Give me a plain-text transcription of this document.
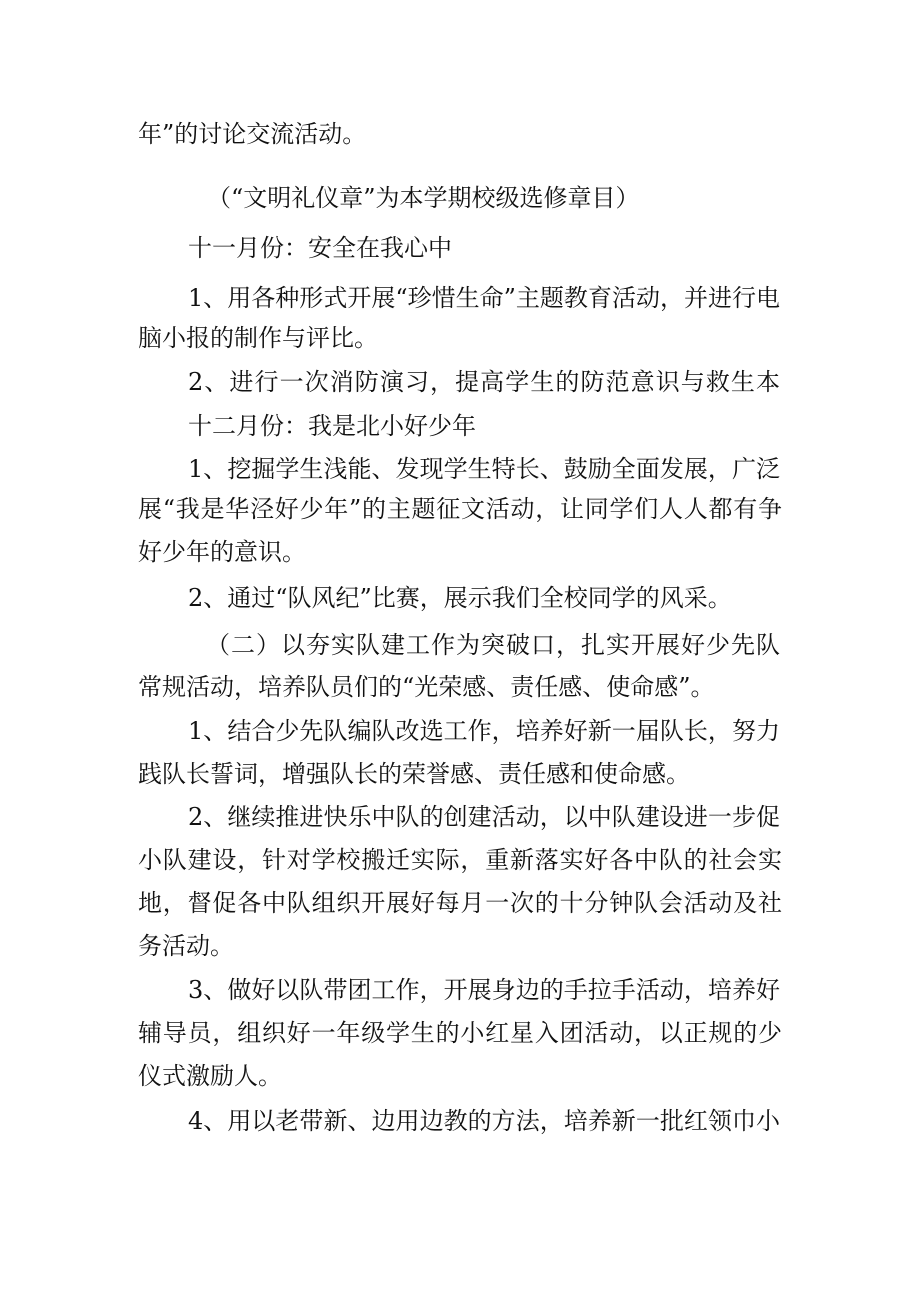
年”的讨论交流活动。
（“文明礼仪章”为本学期校级选修章目）
十一月份：安全在我心中
1、用各种形式开展“珍惜生命”主题教育活动，并进行电
脑小报的制作与评比。
2、进行一次消防演习，提高学生的防范意识与救生本
十二月份：我是北小好少年
1、挖掘学生浅能、发现学生特长、鼓励全面发展，广泛
展“我是华泾好少年”的主题征文活动，让同学们人人都有争
好少年的意识。
2、通过“队风纪”比赛，展示我们全校同学的风采。
（二）以夯实队建工作为突破口，扎实开展好少先队
常规活动，培养队员们的“光荣感、责任感、使命感”。
1、结合少先队编队改选工作，培养好新一届队长，努力
践队长誓词，增强队长的荣誉感、责任感和使命感。
2、继续推进快乐中队的创建活动，以中队建设进一步促
小队建设，针对学校搬迁实际，重新落实好各中队的社会实
地，督促各中队组织开展好每月一次的十分钟队会活动及社
务活动。
3、做好以队带团工作，开展身边的手拉手活动，培养好
辅导员，组织好一年级学生的小红星入团活动，以正规的少
仪式激励人。
4、用以老带新、边用边教的方法，培养新一批红领巾小
